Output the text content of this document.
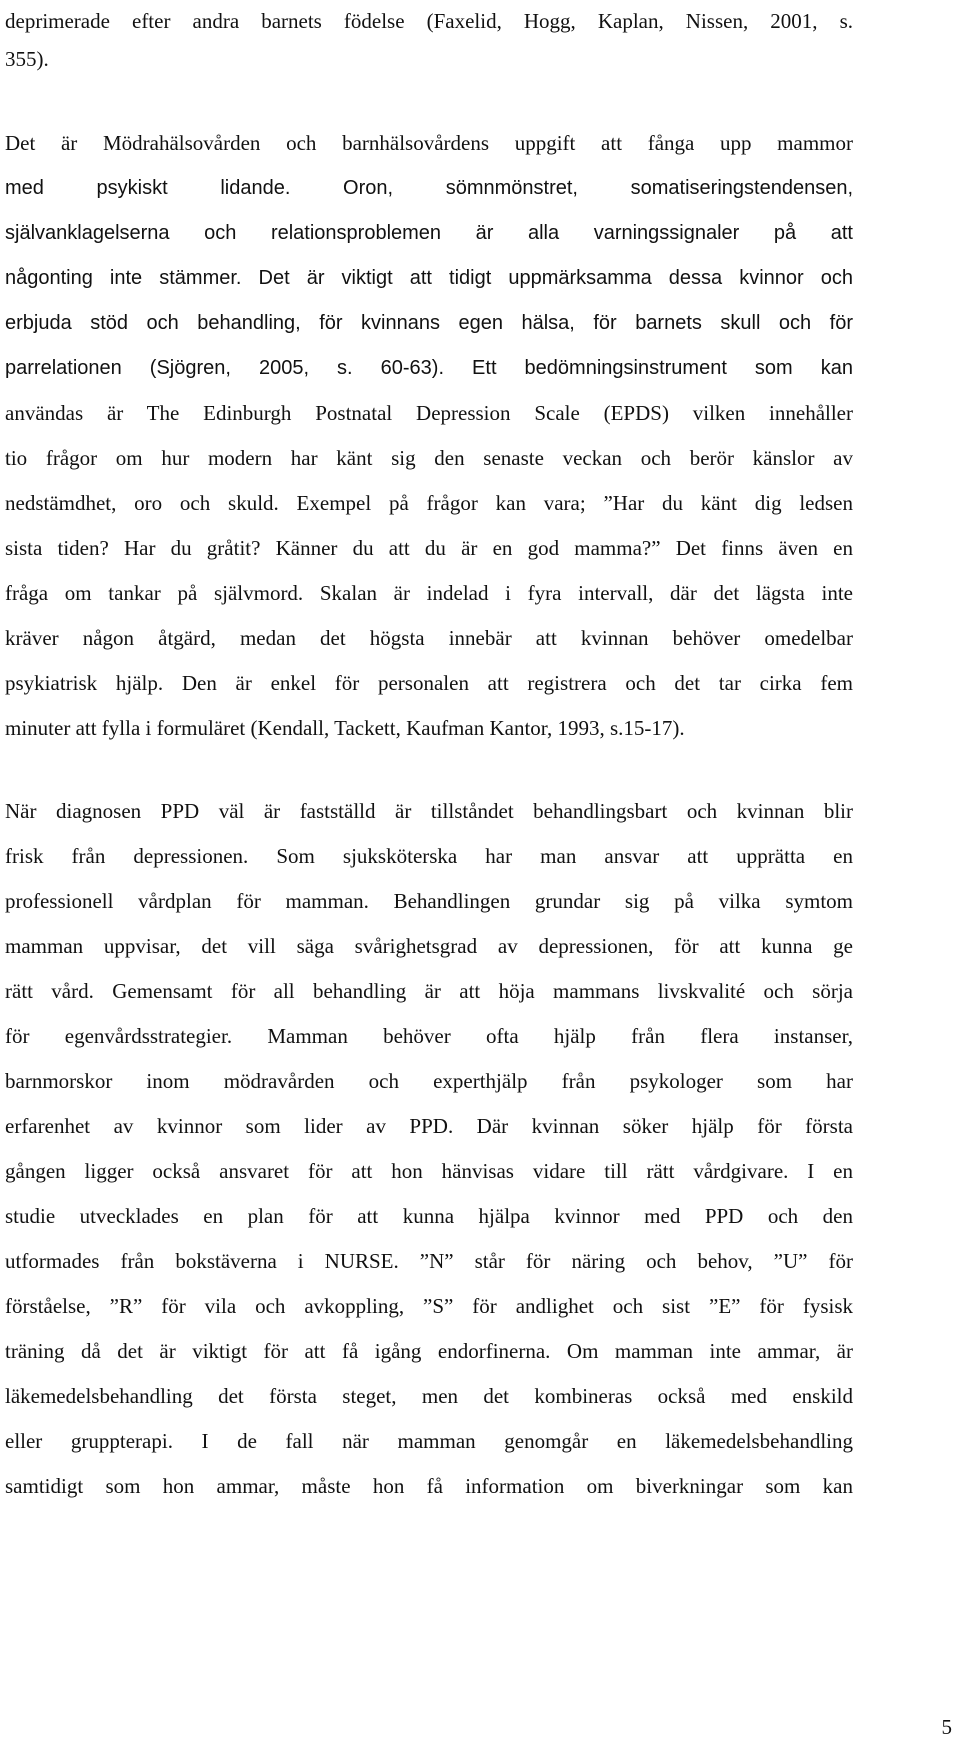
deprimerade efter andra barnets födelse (Faxelid, Hogg, Kaplan, Nissen, 2001, s.
355).
Det är Mödrahälsovården och barnhälsovårdens uppgift att fånga upp mammor
med psykiskt lidande. Oron, sömnmönstret, somatiseringstendensen,
självanklagelserna och relationsproblemen är alla varningssignaler på att
någonting inte stämmer. Det är viktigt att tidigt uppmärksamma dessa kvinnor och
erbjuda stöd och behandling, för kvinnans egen hälsa, för barnets skull och för
parrelationen (Sjögren, 2005, s. 60-63). Ett bedömningsinstrument som kan
användas är The Edinburgh Postnatal Depression Scale (EPDS) vilken innehåller
tio frågor om hur modern har känt sig den senaste veckan och berör känslor av
nedstämdhet, oro och skuld. Exempel på frågor kan vara; ”Har du känt dig ledsen
sista tiden? Har du gråtit? Känner du att du är en god mamma?” Det finns även en
fråga om tankar på självmord. Skalan är indelad i fyra intervall, där det lägsta inte
kräver någon åtgärd, medan det högsta innebär att kvinnan behöver omedelbar
psykiatrisk hjälp. Den är enkel för personalen att registrera och det tar cirka fem
minuter att fylla i formuläret (Kendall, Tackett, Kaufman Kantor, 1993, s.15-17).
När diagnosen PPD väl är fastställd är tillståndet behandlingsbart och kvinnan blir
frisk från depressionen. Som sjuksköterska har man ansvar att upprätta en
professionell vårdplan för mamman. Behandlingen grundar sig på vilka symtom
mamman uppvisar, det vill säga svårighetsgrad av depressionen, för att kunna ge
rätt vård. Gemensamt för all behandling är att höja mammans livskvalité och sörja
för egenvårdsstrategier. Mamman behöver ofta hjälp från flera instanser,
barnmorskor inom mödravården och experthjälp från psykologer som har
erfarenhet av kvinnor som lider av PPD. Där kvinnan söker hjälp för första
gången ligger också ansvaret för att hon hänvisas vidare till rätt vårdgivare. I en
studie utvecklades en plan för att kunna hjälpa kvinnor med PPD och den
utformades från bokstäverna i NURSE. ”N” står för näring och behov, ”U” för
förståelse, ”R” för vila och avkoppling, ”S” för andlighet och sist ”E” för fysisk
träning då det är viktigt för att få igång endorfinerna. Om mamman inte ammar, är
läkemedelsbehandling det första steget, men det kombineras också med enskild
eller gruppterapi. I de fall när mamman genomgår en läkemedelsbehandling
samtidigt som hon ammar, måste hon få information om biverkningar som kan
5
